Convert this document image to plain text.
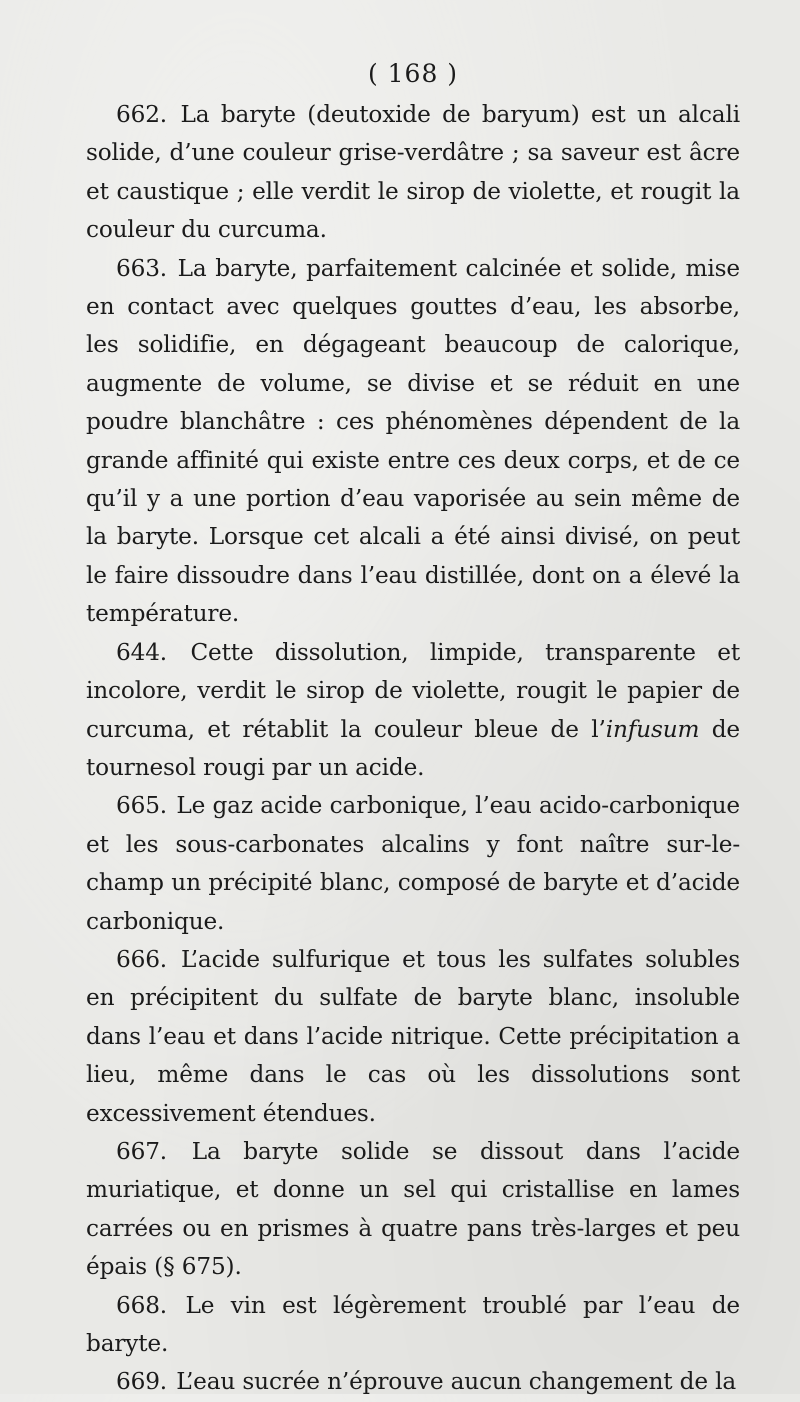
( 168 )

662. La baryte (deutoxide de baryum) est un alcali solide, d’une couleur grise-verdâtre ; sa saveur est âcre et caustique ; elle verdit le sirop de violette, et rougit la couleur du curcuma.

663. La baryte, parfaitement calcinée et solide, mise en contact avec quelques gouttes d’eau, les absorbe, les solidifie, en dégageant beaucoup de calorique, augmente de volume, se divise et se réduit en une poudre blanchâtre : ces phénomènes dépendent de la grande affinité qui existe entre ces deux corps, et de ce qu’il y a une portion d’eau vaporisée au sein même de la baryte. Lorsque cet alcali a été ainsi divisé, on peut le faire dissoudre dans l’eau distillée, dont on a élevé la température.

644. Cette dissolution, limpide, transparente et incolore, verdit le sirop de violette, rougit le papier de curcuma, et rétablit la couleur bleue de l’infusum de tournesol rougi par un acide.

665. Le gaz acide carbonique, l’eau acido-carbonique et les sous-carbonates alcalins y font naître sur-le-champ un précipité blanc, composé de baryte et d’acide carbonique.

666. L’acide sulfurique et tous les sulfates solubles en précipitent du sulfate de baryte blanc, insoluble dans l’eau et dans l’acide nitrique. Cette précipitation a lieu, même dans le cas où les dissolutions sont excessivement étendues.

667. La baryte solide se dissout dans l’acide muriatique, et donne un sel qui cristallise en lames carrées ou en prismes à quatre pans très-larges et peu épais (§ 675).

668. Le vin est légèrement troublé par l’eau de baryte.

669. L’eau sucrée n’éprouve aucun changement de la
